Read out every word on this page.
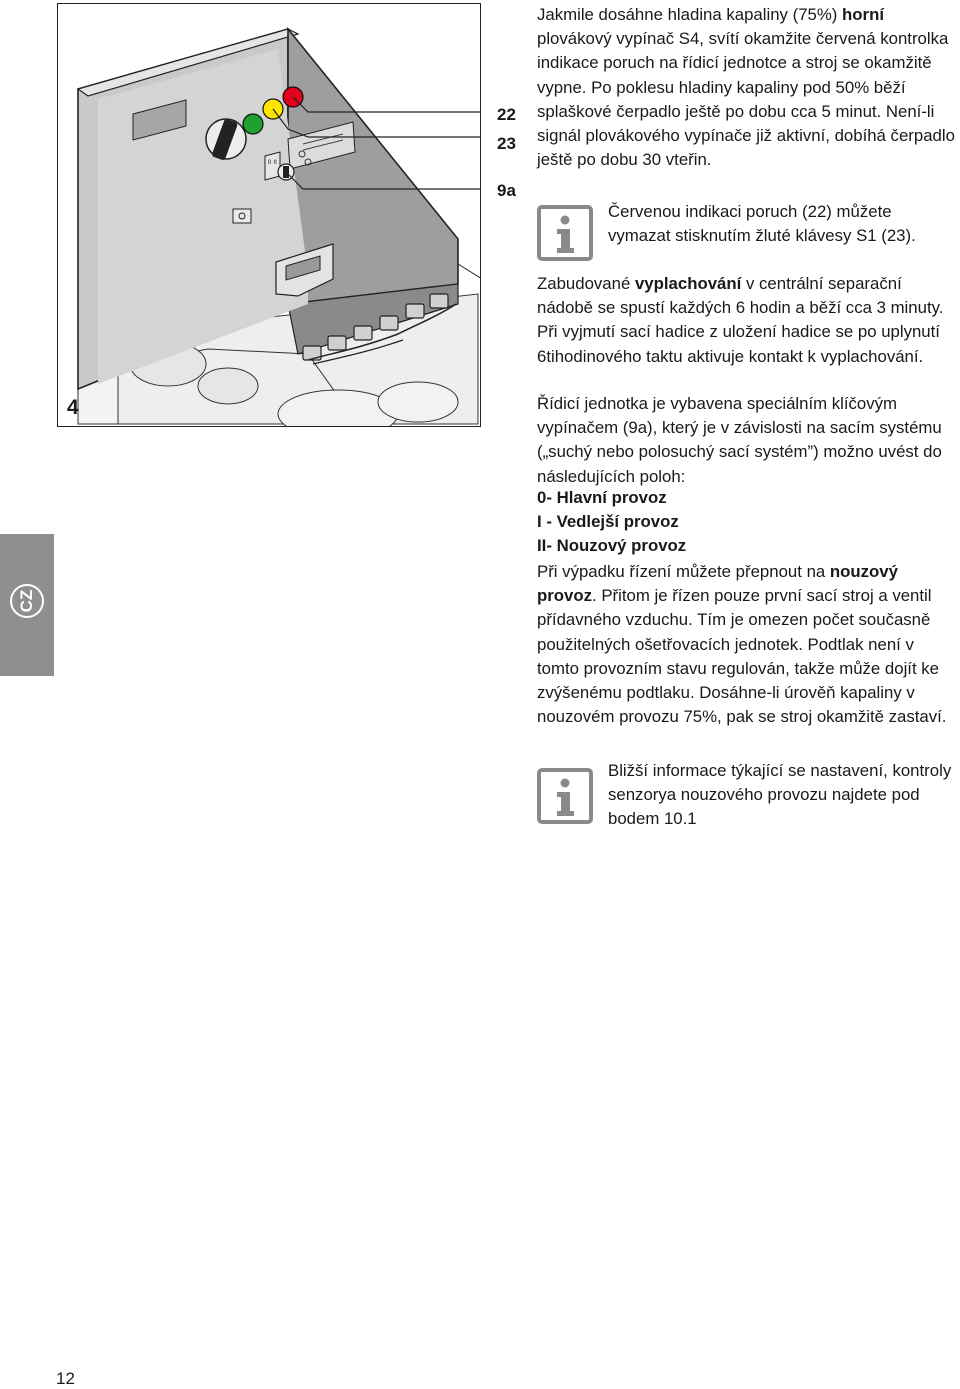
I 0 II
4
22
23
9a
CZ

Jakmile dosáhne hladina kapaliny (75%) horní plovákový vypínač S4, svítí okamžite červená kontrolka indikace poruch na řídicí jednotce a stroj se okamžitě vypne. Po poklesu hladiny kapaliny pod 50% běží splaškové čerpadlo ještě po dobu cca 5 minut. Není-li signál plovákového vypínače již aktivní, dobíhá čerpadlo ještě po dobu 30 vteřin.

Červenou indikaci poruch (22) můžete vymazat stisknutím žluté klávesy S1 (23).

Zabudované vyplachování v centrální separační nádobě se spustí každých 6 hodin a běží cca 3 minuty. Při vyjmutí sací hadice z uložení hadice se po uplynutí 6tihodinového taktu aktivuje kontakt k vyplachování.

Řídicí jednotka je vybavena speciálním klíčovým vypínačem (9a), který je v závislosti na sacím systému („suchý nebo polosuchý sací systém”) možno uvést do následujících poloh:

0- Hlavní provoz
I - Vedlejší provoz
II- Nouzový provoz

Při výpadku řízení můžete přepnout na nouzový provoz. Přitom je řízen pouze první sací stroj a ventil přídavného vzduchu. Tím je omezen počet současně použitelných ošetřovacích jednotek. Podtlak není v tomto provozním stavu regulován, takže může dojít ke zvýšenému podtlaku. Dosáhne-li úrověň kapaliny v nouzovém provozu 75%, pak se stroj okamžitě zastaví.

Bližší informace týkající se nastavení, kontroly senzorya nouzového provozu najdete pod bodem 10.1

12
